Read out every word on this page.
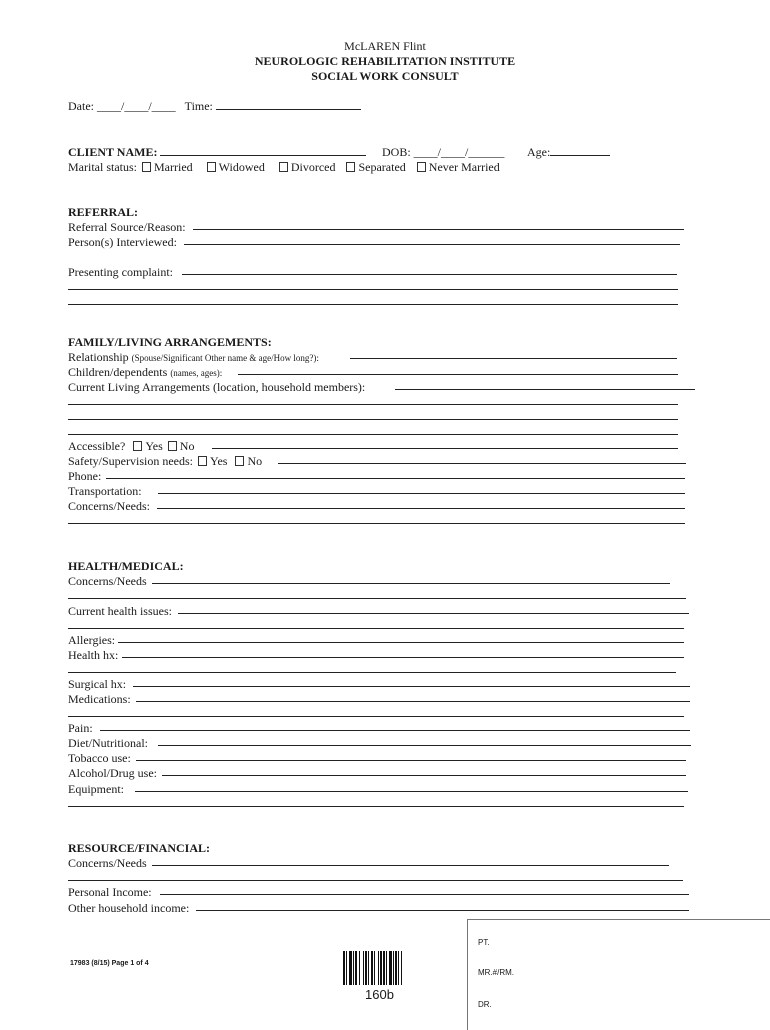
McLAREN Flint
NEUROLOGIC REHABILITATION INSTITUTE
SOCIAL WORK CONSULT
Date: ____/____/____ Time:
CLIENT NAME:	DOB: ____/____/______ Age:
Marital status: Married Widowed Divorced Separated Never Married
REFERRAL:
Referral Source/Reason:
Person(s) Interviewed:
Presenting complaint:
FAMILY/LIVING ARRANGEMENTS:
Relationship (Spouse/Significant Other name & age/How long?):
Children/dependents (names, ages):
Current Living Arrangements (location, household members):
Accessible? Yes No
Safety/Supervision needs: Yes No
Phone:
Transportation:
Concerns/Needs:
HEALTH/MEDICAL:
Concerns/Needs
Current health issues:
Allergies:
Health hx:
Surgical hx:
Medications:
Pain:
Diet/Nutritional:
Tobacco use:
Alcohol/Drug use:
Equipment:
RESOURCE/FINANCIAL:
Concerns/Needs
Personal Income:
Other household income:
17983 (8/15) Page 1 of 4
160b
PT.
MR.#/RM.
DR.
